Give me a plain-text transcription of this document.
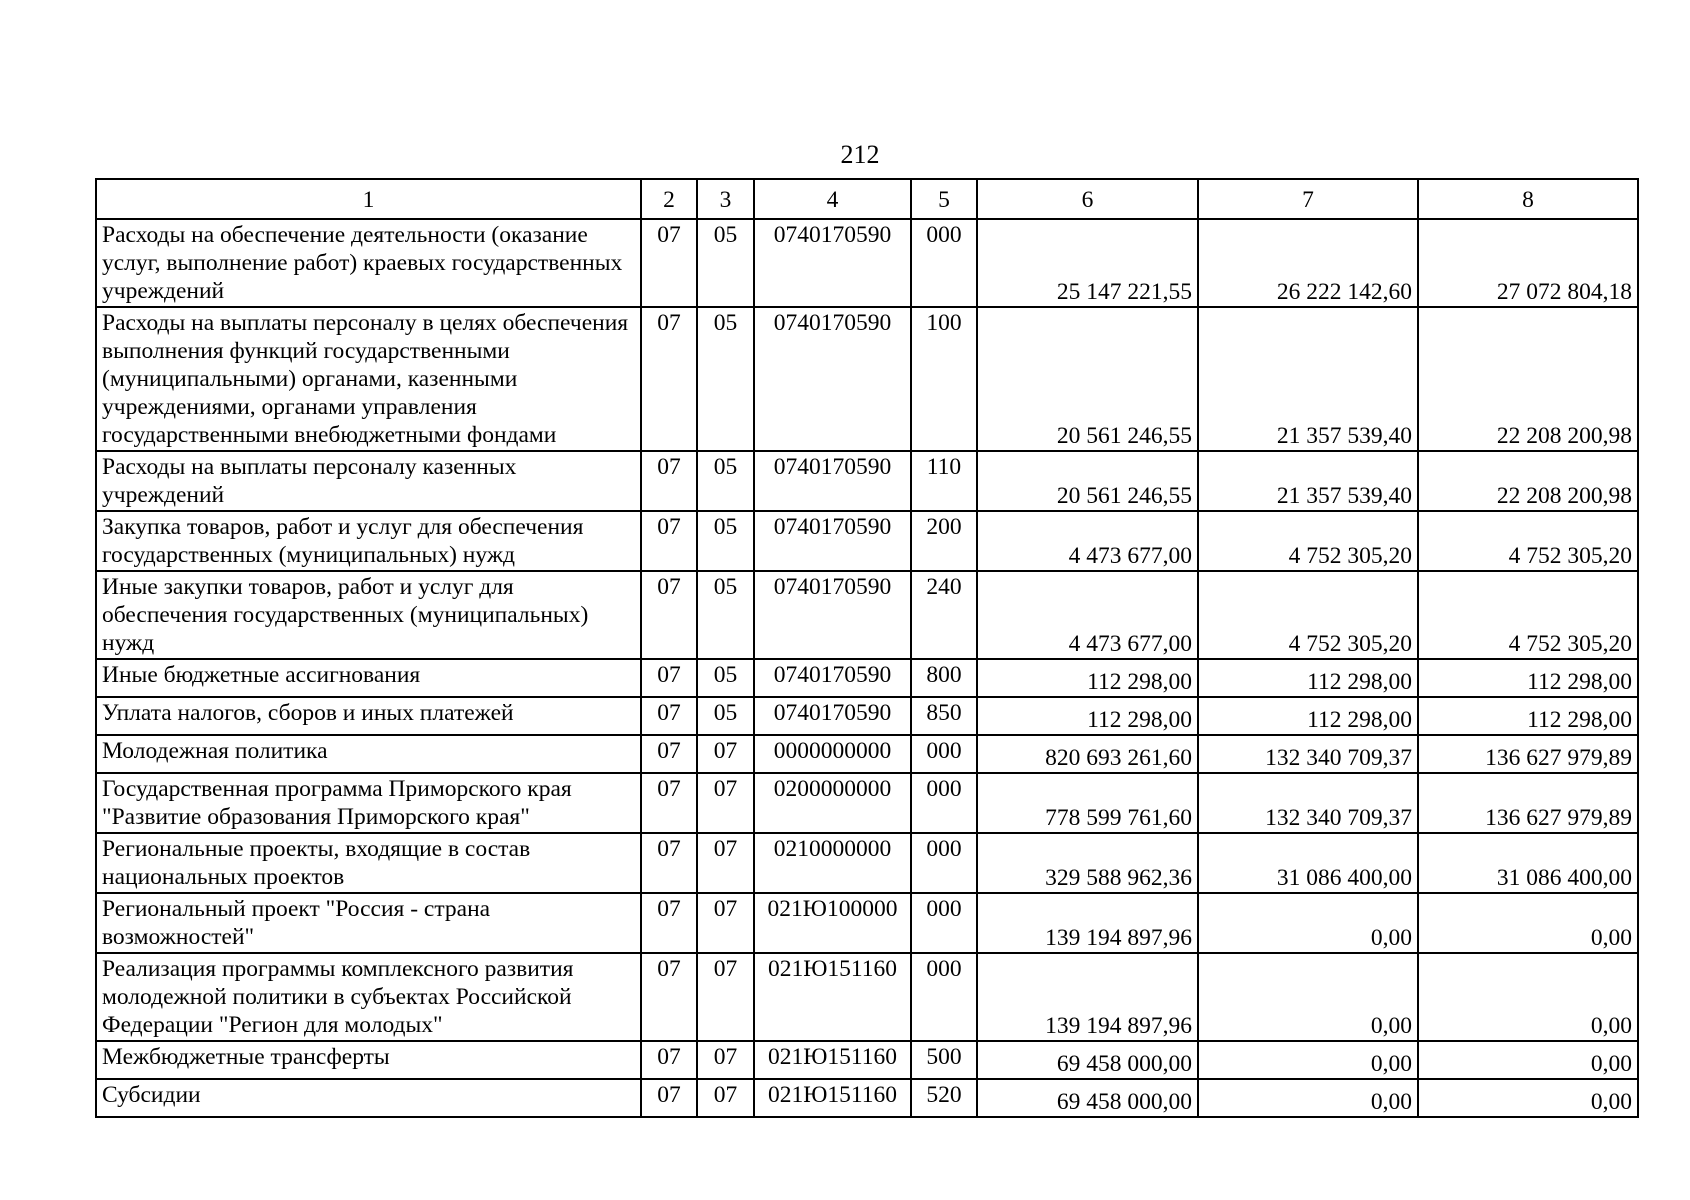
212
1	2	3	4	5	6	7	8
Расходы на обеспечение деятельности (оказание услуг, выполнение работ) краевых государственных учреждений	07	05	0740170590	000	25 147 221,55	26 222 142,60	27 072 804,18
Расходы на выплаты персоналу в целях обеспечения выполнения функций государственными (муниципальными) органами, казенными учреждениями, органами управления государственными внебюджетными фондами	07	05	0740170590	100	20 561 246,55	21 357 539,40	22 208 200,98
Расходы на выплаты персоналу казенных учреждений	07	05	0740170590	110	20 561 246,55	21 357 539,40	22 208 200,98
Закупка товаров, работ и услуг для обеспечения государственных (муниципальных) нужд	07	05	0740170590	200	4 473 677,00	4 752 305,20	4 752 305,20
Иные закупки товаров, работ и услуг для обеспечения государственных (муниципальных) нужд	07	05	0740170590	240	4 473 677,00	4 752 305,20	4 752 305,20
Иные бюджетные ассигнования	07	05	0740170590	800	112 298,00	112 298,00	112 298,00
Уплата налогов, сборов и иных платежей	07	05	0740170590	850	112 298,00	112 298,00	112 298,00
Молодежная политика	07	07	0000000000	000	820 693 261,60	132 340 709,37	136 627 979,89
Государственная программа Приморского края "Развитие образования Приморского края"	07	07	0200000000	000	778 599 761,60	132 340 709,37	136 627 979,89
Региональные проекты, входящие в состав национальных проектов	07	07	0210000000	000	329 588 962,36	31 086 400,00	31 086 400,00
Региональный проект "Россия - страна возможностей"	07	07	021Ю100000	000	139 194 897,96	0,00	0,00
Реализация программы комплексного развития молодежной политики в субъектах Российской Федерации "Регион для молодых"	07	07	021Ю151160	000	139 194 897,96	0,00	0,00
Межбюджетные трансферты	07	07	021Ю151160	500	69 458 000,00	0,00	0,00
Субсидии	07	07	021Ю151160	520	69 458 000,00	0,00	0,00
